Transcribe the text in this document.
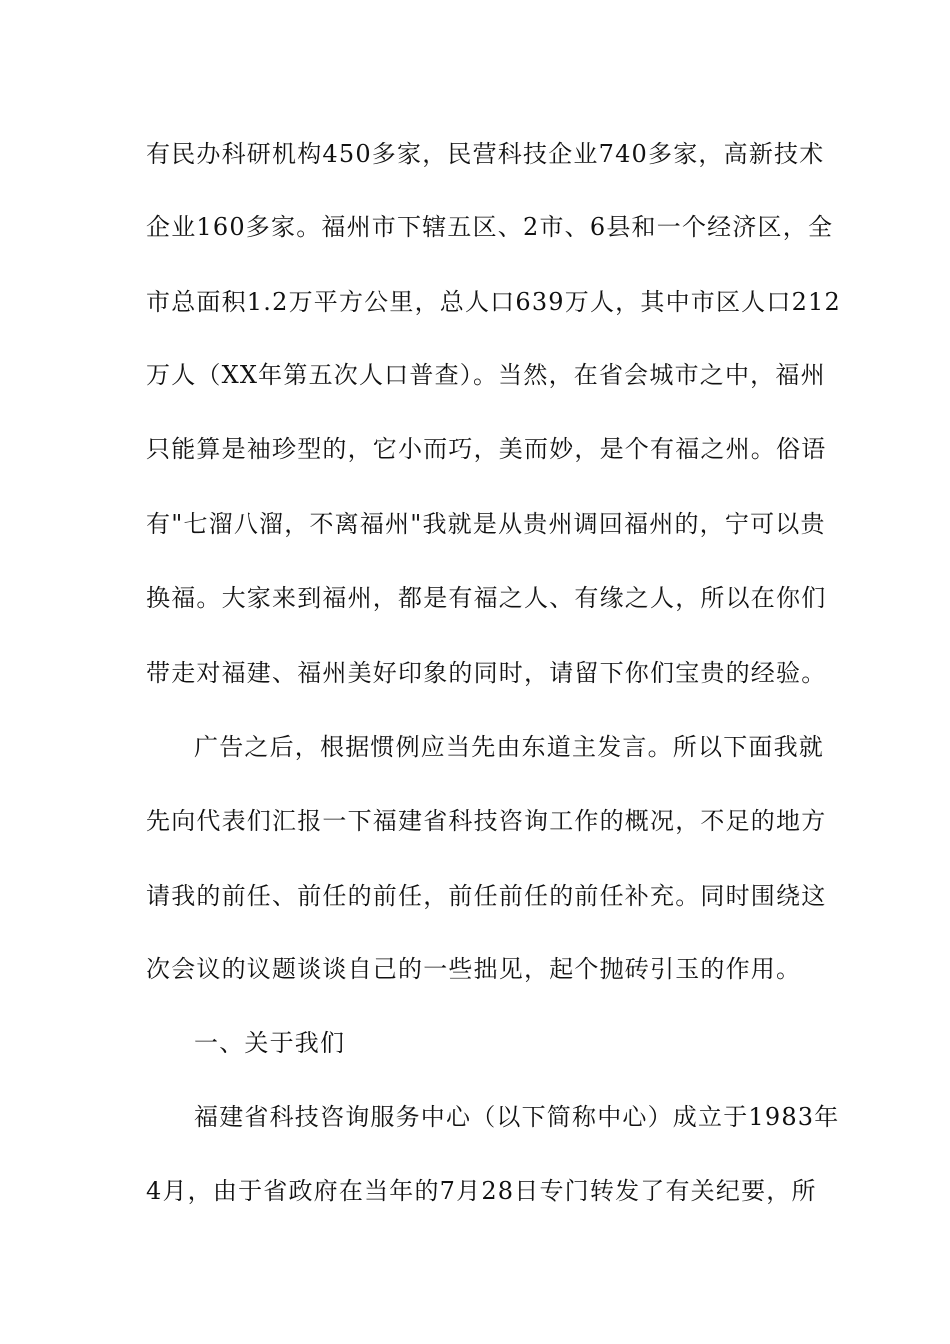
有民办科研机构450多家，民营科技企业740多家，高新技术
企业160多家。福州市下辖五区、2市、6县和一个经济区，全
市总面积1.2万平方公里，总人口639万人，其中市区人口212
万人（XX年第五次人口普查）。当然，在省会城市之中，福州
只能算是袖珍型的，它小而巧，美而妙，是个有福之州。俗语
有"七溜八溜，不离福州"我就是从贵州调回福州的，宁可以贵
换福。大家来到福州，都是有福之人、有缘之人，所以在你们
带走对福建、福州美好印象的同时，请留下你们宝贵的经验。
广告之后，根据惯例应当先由东道主发言。所以下面我就
先向代表们汇报一下福建省科技咨询工作的概况，不足的地方
请我的前任、前任的前任，前任前任的前任补充。同时围绕这
次会议的议题谈谈自己的一些拙见，起个抛砖引玉的作用。
一、关于我们
福建省科技咨询服务中心（以下简称中心）成立于1983年
4月，由于省政府在当年的7月28日专门转发了有关纪要，所
